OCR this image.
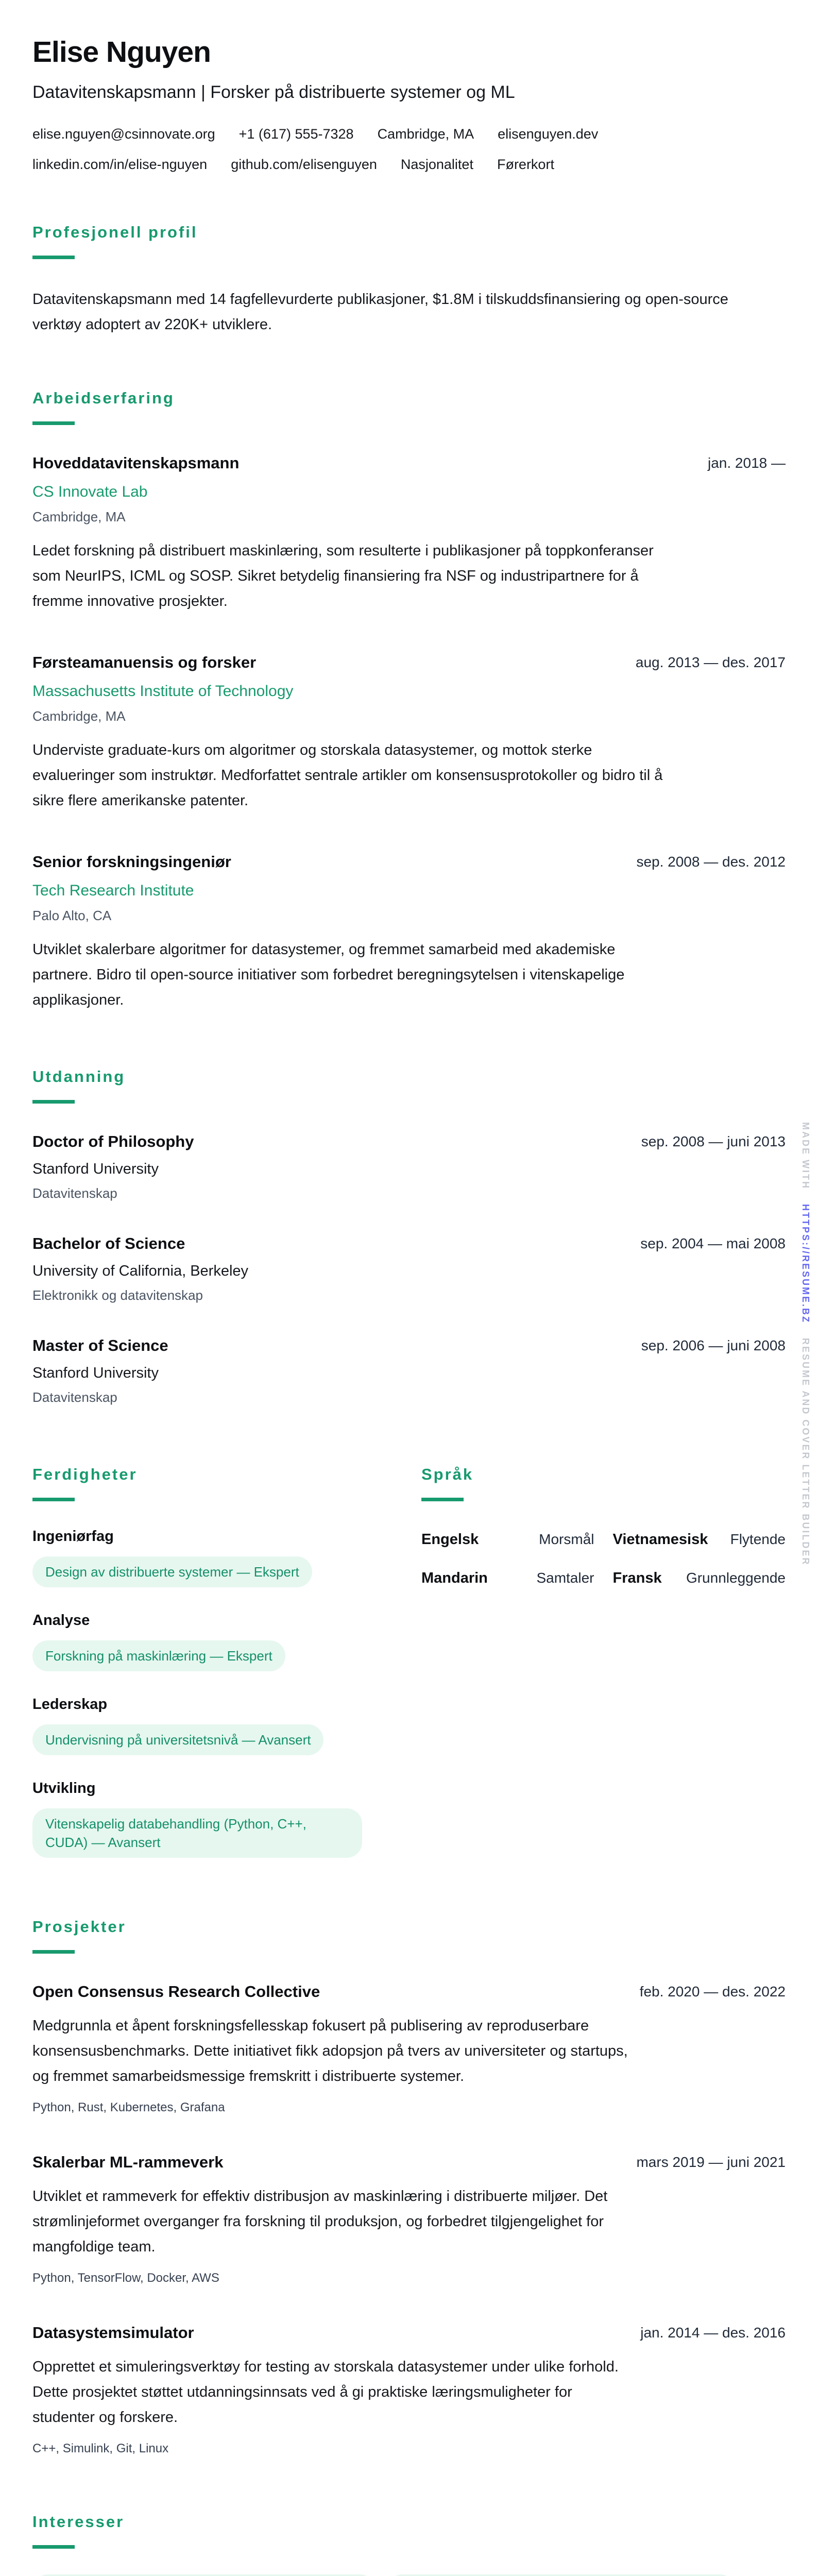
Elise Nguyen
Datavitenskapsmann | Forsker på distribuerte systemer og ML
elise.nguyen@csinnovate.org +1 (617) 555-7328 Cambridge, MA elisenguyen.dev
linkedin.com/in/elise-nguyen github.com/elisenguyen Nasjonalitet Førerkort
Profesjonell profil
Datavitenskapsmann med 14 fagfellevurderte publikasjoner, $1.8M i tilskuddsfinansiering og open-source verktøy adoptert av 220K+ utviklere.
Arbeidserfaring
Hoveddatavitenskapsmann	jan. 2018 —
CS Innovate Lab
Cambridge, MA
Ledet forskning på distribuert maskinlæring, som resulterte i publikasjoner på toppkonferanser som NeurIPS, ICML og SOSP. Sikret betydelig finansiering fra NSF og industripartnere for å fremme innovative prosjekter.
Førsteamanuensis og forsker	aug. 2013 — des. 2017
Massachusetts Institute of Technology
Cambridge, MA
Underviste graduate-kurs om algoritmer og storskala datasystemer, og mottok sterke evalueringer som instruktør. Medforfattet sentrale artikler om konsensusprotokoller og bidro til å sikre flere amerikanske patenter.
Senior forskningsingeniør	sep. 2008 — des. 2012
Tech Research Institute
Palo Alto, CA
Utviklet skalerbare algoritmer for datasystemer, og fremmet samarbeid med akademiske partnere. Bidro til open-source initiativer som forbedret beregningsytelsen i vitenskapelige applikasjoner.
Utdanning
Doctor of Philosophy	sep. 2008 — juni 2013
Stanford University
Datavitenskap
Bachelor of Science	sep. 2004 — mai 2008
University of California, Berkeley
Elektronikk og datavitenskap
Master of Science	sep. 2006 — juni 2008
Stanford University
Datavitenskap
Ferdigheter
Ingeniørfag
Design av distribuerte systemer — Ekspert
Analyse
Forskning på maskinlæring — Ekspert
Lederskap
Undervisning på universitetsnivå — Avansert
Utvikling
Vitenskapelig databehandling (Python, C++, CUDA) — Avansert
Språk
Engelsk	Morsmål Vietnamesisk Flytende
Mandarin	Samtaler Fransk Grunnleggende
Prosjekter
Open Consensus Research Collective	feb. 2020 — des. 2022
Medgrunnla et åpent forskningsfellesskap fokusert på publisering av reproduserbare konsensusbenchmarks. Dette initiativet fikk adopsjon på tvers av universiteter og startups, og fremmet samarbeidsmessige fremskritt i distribuerte systemer.
Python, Rust, Kubernetes, Grafana
Skalerbar ML-rammeverk	mars 2019 — juni 2021
Utviklet et rammeverk for effektiv distribusjon av maskinlæring i distribuerte miljøer. Det strømlinjeformet overganger fra forskning til produksjon, og forbedret tilgjengelighet for mangfoldige team.
Python, TensorFlow, Docker, AWS
Datasystemsimulator	jan. 2014 — des. 2016
Opprettet et simuleringsverktøy for testing av storskala datasystemer under ulike forhold. Dette prosjektet støttet utdanningsinnsats ved å gi praktiske læringsmuligheter for studenter og forskere.
C++, Simulink, Git, Linux
Interesser
MADE WITH
HTTPS://RESUME.BZ
RESUME AND COVER LETTER BUILDER
